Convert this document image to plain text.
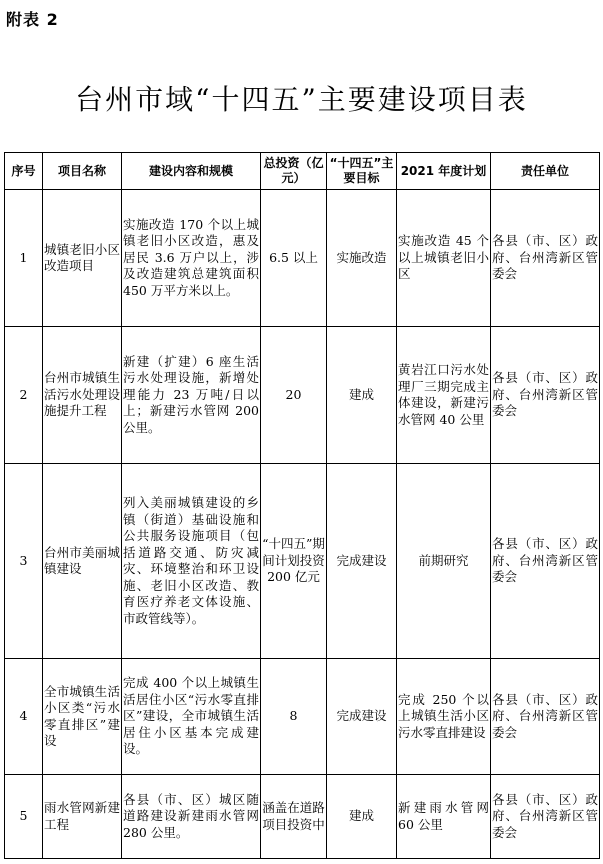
附表 2
台州市域“十四五”主要建设项目表
序号	项目名称	建设内容和规模	总投资（亿元）	“十四五”主要目标	2021 年度计划	责任单位
1	城镇老旧小区改造项目	实施改造 170 个以上城镇老旧小区改造，惠及居民 3.6 万户以上，涉及改造建筑总建筑面积 450 万平方米以上。	6.5 以上	实施改造	实施改造 45 个以上城镇老旧小区	各县（市、区）政府、台州湾新区管委会
2	台州市城镇生活污水处理设施提升工程	新建（扩建）6 座生活污水处理设施，新增处理能力 23 万吨/日以上；新建污水管网 200 公里。	20	建成	黄岩江口污水处理厂三期完成主体建设，新建污水管网 40 公里	各县（市、区）政府、台州湾新区管委会
3	台州市美丽城镇建设	列入美丽城镇建设的乡镇（街道）基础设施和公共服务设施项目（包括道路交通、防灾减灾、环境整治和环卫设施、老旧小区改造、教育医疗养老文体设施、市政管线等）。	“十四五”期间计划投资 200 亿元	完成建设	前期研究	各县（市、区）政府、台州湾新区管委会
4	全市城镇生活小区类“污水零直排区”建设	完成 400 个以上城镇生活居住小区“污水零直排区”建设，全市城镇生活居住小区基本完成建设。	8	完成建设	完成 250 个以上城镇生活小区污水零直排建设	各县（市、区）政府、台州湾新区管委会
5	雨水管网新建工程	各县（市、区）城区随道路建设新建雨水管网 280 公里。	涵盖在道路项目投资中	建成	新建雨水管网 60 公里	各县（市、区）政府、台州湾新区管委会
